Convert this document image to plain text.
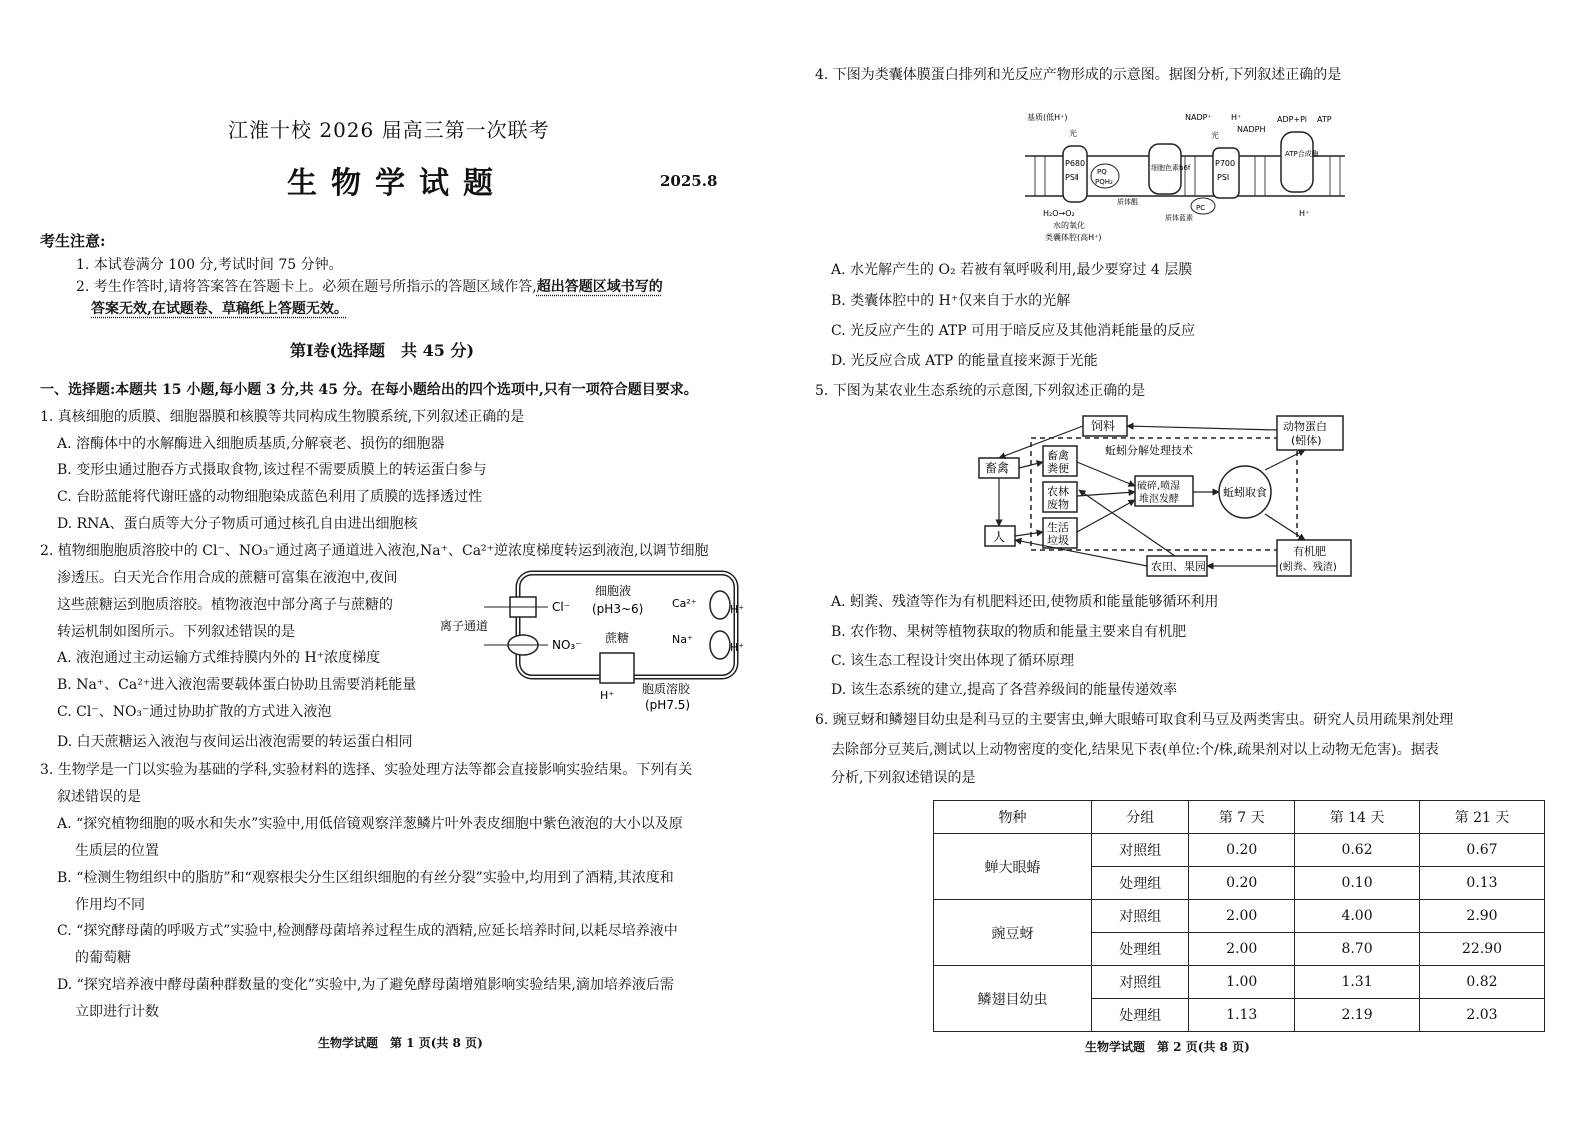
江淮十校 2026 届高三第一次联考
生物学试题	2025.8
考生注意:
1. 本试卷满分 100 分,考试时间 75 分钟。
2. 考生作答时,请将答案答在答题卡上。必须在题号所指示的答题区域作答,超出答题区域书写的
答案无效,在试题卷、草稿纸上答题无效。
第Ⅰ卷(选择题　共 45 分)
一、选择题:本题共 15 小题,每小题 3 分,共 45 分。在每小题给出的四个选项中,只有一项符合题目要求。
1. 真核细胞的质膜、细胞器膜和核膜等共同构成生物膜系统,下列叙述正确的是
A. 溶酶体中的水解酶进入细胞质基质,分解衰老、损伤的细胞器
B. 变形虫通过胞吞方式摄取食物,该过程不需要质膜上的转运蛋白参与
C. 台盼蓝能将代谢旺盛的动物细胞染成蓝色利用了质膜的选择透过性
D. RNA、蛋白质等大分子物质可通过核孔自由进出细胞核
2. 植物细胞胞质溶胶中的 Cl⁻、NO₃⁻通过离子通道进入液泡,Na⁺、Ca²⁺逆浓度梯度转运到液泡,以调节细胞
渗透压。白天光合作用合成的蔗糖可富集在液泡中,夜间
这些蔗糖运到胞质溶胶。植物液泡中部分离子与蔗糖的
转运机制如图所示。下列叙述错误的是
A. 液泡通过主动运输方式维持膜内外的 H⁺浓度梯度
B. Na⁺、Ca²⁺进入液泡需要载体蛋白协助且需要消耗能量
C. Cl⁻、NO₃⁻通过协助扩散的方式进入液泡
D. 白天蔗糖运入液泡与夜间运出液泡需要的转运蛋白相同
Cl⁻
NO₃⁻
细胞液
(pH3~6)	Ca²⁺	H⁺
Na⁺
H⁺
离子通道
蔗糖
胞质溶胶
(pH7.5)
H⁺
3. 生物学是一门以实验为基础的学科,实验材料的选择、实验处理方法等都会直接影响实验结果。下列有关
叙述错误的是
A. “探究植物细胞的吸水和失水”实验中,用低倍镜观察洋葱鳞片叶外表皮细胞中紫色液泡的大小以及原
生质层的位置
B. “检测生物组织中的脂肪”和“观察根尖分生区组织细胞的有丝分裂”实验中,均用到了酒精,其浓度和
作用均不同
C. “探究酵母菌的呼吸方式”实验中,检测酵母菌培养过程生成的酒精,应延长培养时间,以耗尽培养液中
的葡萄糖
D. “探究培养液中酵母菌种群数量的变化”实验中,为了避免酵母菌增殖影响实验结果,滴加培养液后需
立即进行计数
生物学试题　第 1 页(共 8 页)
4. 下图为类囊体膜蛋白排列和光反应产物形成的示意图。据图分析,下列叙述正确的是
基质(低H⁺)
光
P680
PSⅡ
PQ
PQH₂
细胞色素b6f	P700
PSⅠ
PC
NADP⁺
NADPH
H⁺
光
ADP+Pi ATP
ATP合成酶
H₂O→O₂
水的氧化
类囊体腔(高H⁺)
质体醌
质体蓝素	H⁺
A. 水光解产生的 O₂ 若被有氧呼吸利用,最少要穿过 4 层膜
B. 类囊体腔中的 H⁺仅来自于水的光解
C. 光反应产生的 ATP 可用于暗反应及其他消耗能量的反应
D. 光反应合成 ATP 的能量直接来源于光能
5. 下图为某农业生态系统的示意图,下列叙述正确的是
饲料	动物蛋白
(蚓体)
畜禽
畜禽
粪便
蚯蚓分解处理技术
农林
废物
破碎,喷湿
堆沤发酵
蚯蚓取食
人
生活
垃圾
农田、果园
有机肥
(蚓粪、残渣)
A. 蚓粪、残渣等作为有机肥料还田,使物质和能量能够循环利用
B. 农作物、果树等植物获取的物质和能量主要来自有机肥
C. 该生态工程设计突出体现了循环原理
D. 该生态系统的建立,提高了各营养级间的能量传递效率
6. 豌豆蚜和鳞翅目幼虫是利马豆的主要害虫,蝉大眼蝽可取食利马豆及两类害虫。研究人员用疏果剂处理
去除部分豆荚后,测试以上动物密度的变化,结果见下表(单位:个/株,疏果剂对以上动物无危害)。据表
分析,下列叙述错误的是
物种	分组	第 7 天	第 14 天	第 21 天
蝉大眼蝽	对照组	0.20	0.62	0.67
	处理组	0.20	0.10	0.13
豌豆蚜	对照组	2.00	4.00	2.90
	处理组	2.00	8.70	22.90
鳞翅目幼虫	对照组	1.00	1.31	0.82
	处理组	1.13	2.19	2.03
生物学试题　第 2 页(共 8 页)
